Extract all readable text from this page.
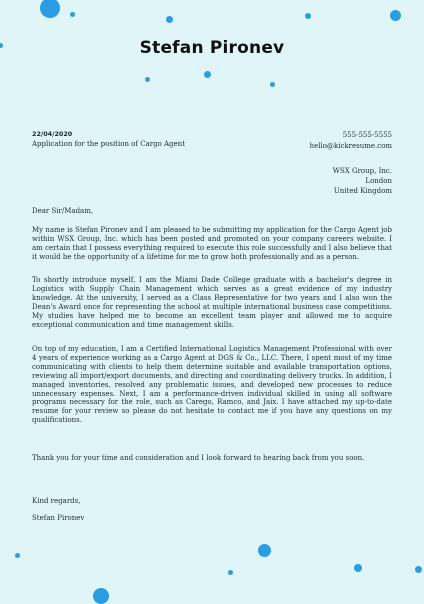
Stefan Pironev
22/04/2020
Application for the position of Cargo Agent
555-555-5555
hello@kickresume.com
WSX Group, Inc.
London
United Kingdom
Dear Sir/Madam,

My name is Stefan Pironev and I am pleased to be submitting my application for the Cargo Agent job within WSX Group, Inc. which has been posted and promoted on your company careers website. I am certain that I possess everything required to execute this role successfully and I also believe that it would be the opportunity of a lifetime for me to grow both professionally and as a person.

To shortly introduce myself, I am the Miami Dade College graduate with a bachelor's degree in Logistics with Supply Chain Management which serves as a great evidence of my industry knowledge. At the university, I served as a Class Representative for two years and I also won the Dean's Award once for representing the school at multiple international business case competitions. My studies have helped me to become an excellent team player and allowed me to acquire exceptional communication and time management skills.

On top of my education, I am a Certified International Logistics Management Professional with over 4 years of experience working as a Cargo Agent at DGS & Co., LLC. There, I spent most of my time communicating with clients to help them determine suitable and available transportation options, reviewing all import/export documents, and directing and coordinating delivery trucks. In addition, I managed inventories, resolved any problematic issues, and developed new processes to reduce unnecessary expenses. Next, I am a performance-driven individual skilled in using all software programs necessary for the role, such as Carego, Ramco, and Jaix. I have attached my up-to-date resume for your review so please do not hesitate to contact me if you have any questions on my qualifications.

Thank you for your time and consideration and I look forward to hearing back from you soon.

Kind regards,
Stefan Pironev
